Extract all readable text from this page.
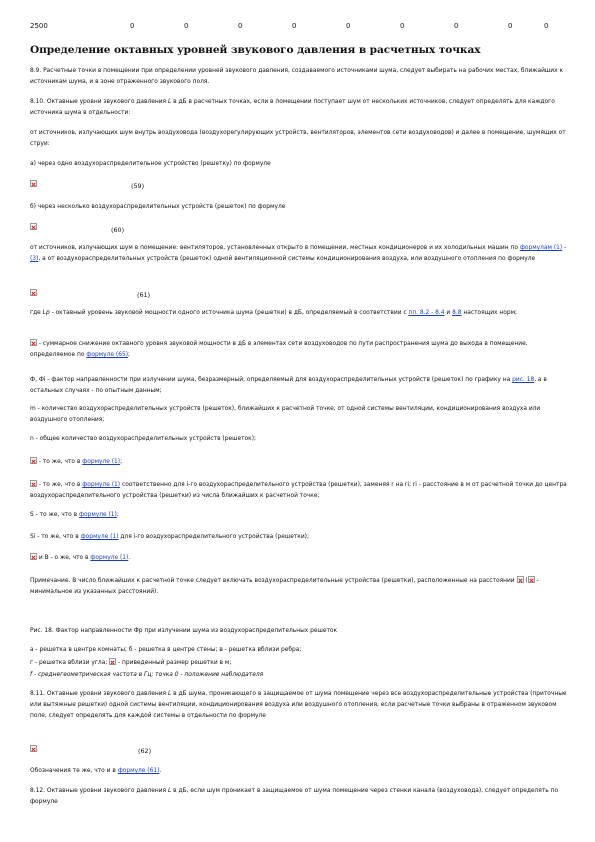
2500	0	0	0	0	0	0	0	0	0
Определение октавных уровней звукового давления в расчетных точках

8.9. Расчетные точки в помещении при определении уровней звукового давления, создаваемого источниками шума, следует выбирать на рабочих местах, ближайших к источникам шума, и в зоне отраженного звукового поля.

8.10. Октавные уровни звукового давления L в дБ в расчетных точках, если в помещении поступает шум от нескольких источников, следует определять для каждого источника шума в отдельности:

от источников, излучающих шум внутрь воздуховода (воздухорегулирующих устройств, вентиляторов, элементов сети воздуховодов) и далее в помещение, шумящих от струи:

а) через одно воздухораспределительное устройство (решетку) по формуле

(59)

б) через несколько воздухораспределительных устройств (решеток) по формуле

(60)

от источников, излучающих шум в помещение: вентиляторов, установленных открыто в помещении, местных кондиционеров и их холодильных машин по формулам (1) - (3), а от воздухораспределительных устройств (решеток) одной вентиляционной системы кондиционирования воздуха, или воздушного отопления по формуле

(61)

где Lp - октавный уровень звуковой мощности одного источника шума (решетки) в дБ, определяемый в соответствии с пп. 8.2 - 8.4 и 8.8 настоящих норм;

- суммарное снижение октавного уровня звуковой мощности в дБ в элементах сети воздуховодов по пути распространения шума до выхода в помещение, определяемое по формуле (65);

Ф, Фi - фактор направленности при излучении шума, безразмерный, определяемый для воздухораспределительных устройств (решеток) по графику на рис. 18, а в остальных случаях - по опытным данным;

m - количество воздухораспределительных устройств (решеток), ближайших к расчетной точке, от одной системы вентиляции, кондиционирования воздуха или воздушного отопления;

n - общее количество воздухораспределительных устройств (решеток);

- то же, что в формуле (1);

- то же, что в формуле (1) соответственно для i-го воздухораспределительного устройства (решетки), заменяя r на ri; ri - расстояние в м от расчетной точки до центра воздухораспределительного устройства (решетки) из числа ближайших к расчетной точке;

S - то же, что в формуле (1);

Si - то же, что в формуле (1) для i-го воздухораспределительного устройства (решетки);

и B - о же, что в формуле (1).

Примечание. В число ближайших к расчетной точке следует включать воздухораспределительные устройства (решетки), расположенные на расстоянии  ( - минимальное из указанных расстояний).

Рис. 18. Фактор направленности Фр при излучении шума из воздухораспределительных решеток

а - решетка в центре комнаты; б - решетка в центре стены; в - решетка вблизи ребра;

г - решетка вблизи угла;  - приведенный размер решетки в м;

f - среднегеометрическая частота в Гц; точка 0 - положение наблюдателя

8.11. Октавные уровни звукового давления L в дБ шума, проникающего в защищаемое от шума помещение через все воздухораспределительные устройства (приточные или вытяжные решетки) одной системы вентиляции, кондиционирования воздуха или воздушного отопления, если расчетные точки выбраны в отраженном звуковом поле, следует определять для каждой системы в отдельности по формуле

(62)

Обозначения те же, что и в формуле (61).

8.12. Октавные уровни звукового давления L в дБ, если шум проникает в защищаемое от шума помещение через стенки канала (воздуховода), следует определять по формуле
